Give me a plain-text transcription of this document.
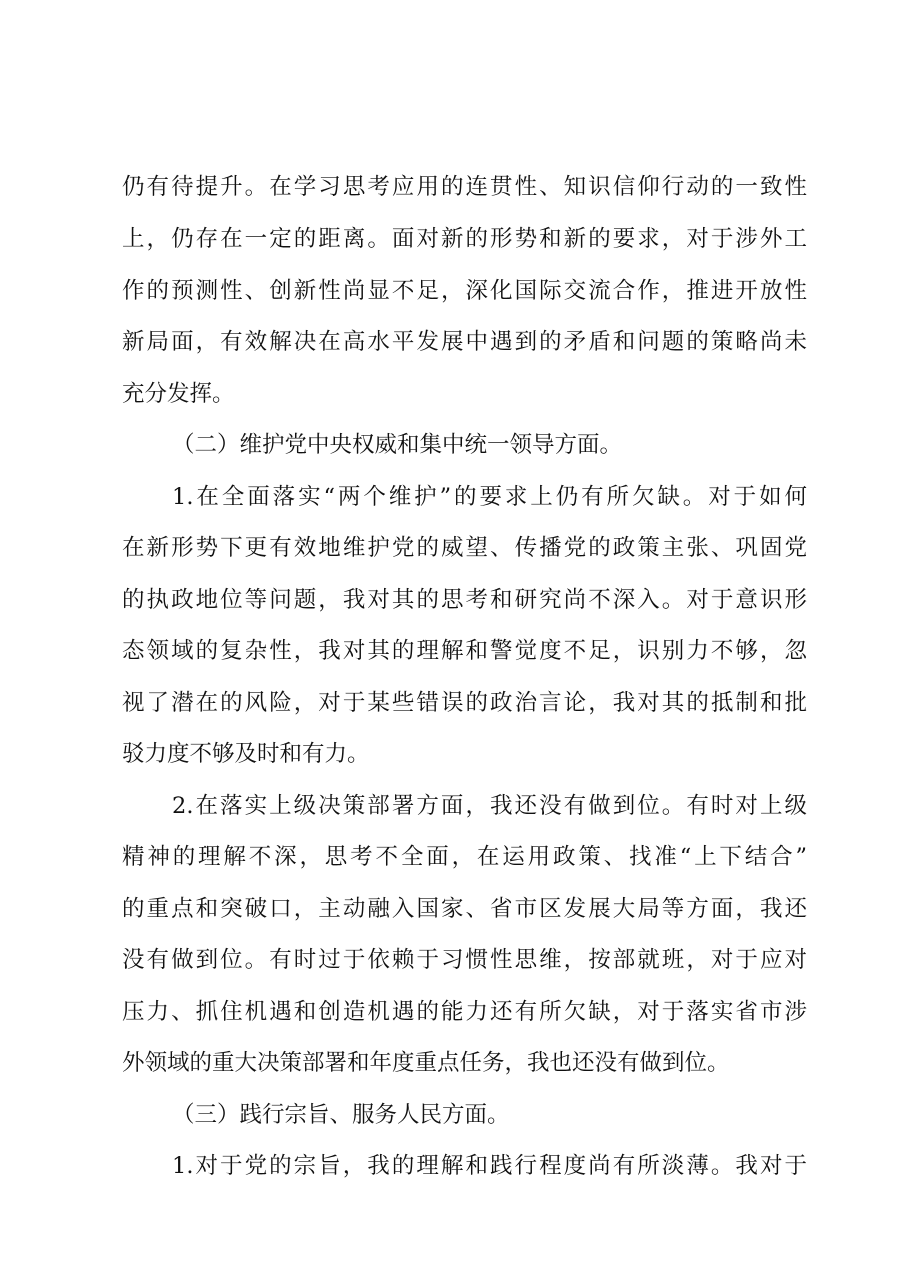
仍有待提升。在学习思考应用的连贯性、知识信仰行动的一致性
上，仍存在一定的距离。面对新的形势和新的要求，对于涉外工
作的预测性、创新性尚显不足，深化国际交流合作，推进开放性
新局面，有效解决在高水平发展中遇到的矛盾和问题的策略尚未
充分发挥。
（二）维护党中央权威和集中统一领导方面。
1.在全面落实“两个维护”的要求上仍有所欠缺。对于如何
在新形势下更有效地维护党的威望、传播党的政策主张、巩固党
的执政地位等问题，我对其的思考和研究尚不深入。对于意识形
态领域的复杂性，我对其的理解和警觉度不足，识别力不够，忽
视了潜在的风险，对于某些错误的政治言论，我对其的抵制和批
驳力度不够及时和有力。
2.在落实上级决策部署方面，我还没有做到位。有时对上级
精神的理解不深，思考不全面，在运用政策、找准“上下结合”
的重点和突破口，主动融入国家、省市区发展大局等方面，我还
没有做到位。有时过于依赖于习惯性思维，按部就班，对于应对
压力、抓住机遇和创造机遇的能力还有所欠缺，对于落实省市涉
外领域的重大决策部署和年度重点任务，我也还没有做到位。
（三）践行宗旨、服务人民方面。
1.对于党的宗旨，我的理解和践行程度尚有所淡薄。我对于
